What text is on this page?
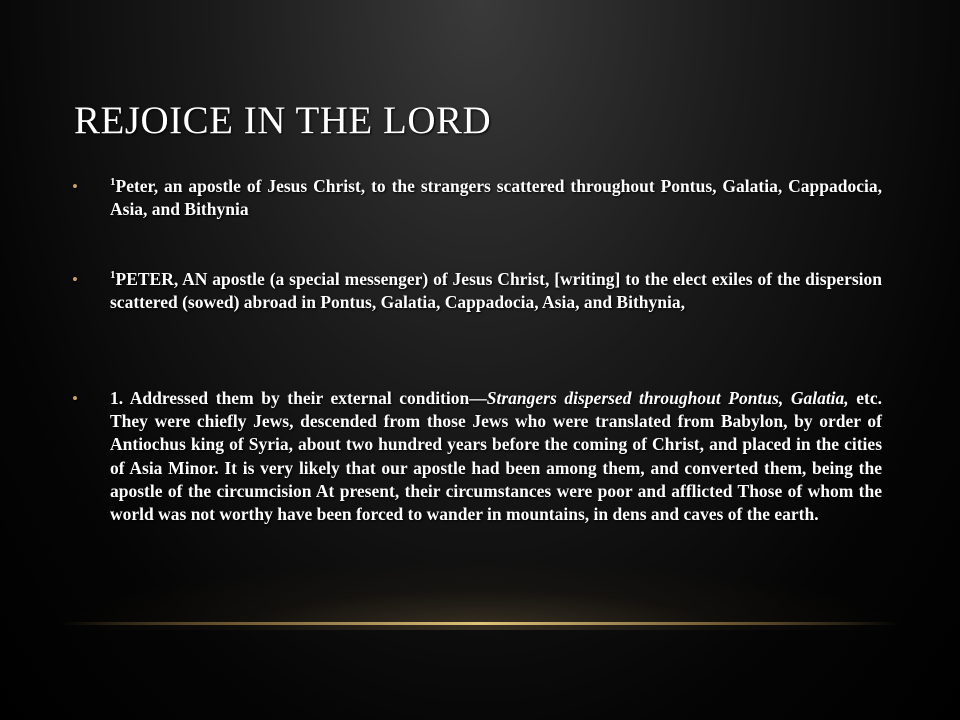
REJOICE IN THE LORD
•	$^1$Peter, an apostle of Jesus Christ, to the strangers scattered throughout Pontus, Galatia, Cappadocia, Asia, and Bithynia
•	$^1$PETER, AN apostle (a special messenger) of Jesus Christ, [writing] to the elect exiles of the dispersion scattered (sowed) abroad in Pontus, Galatia, Cappadocia, Asia, and Bithynia,
• 1. Addressed them by their external condition—Strangers dispersed throughout Pontus, Galatia, etc. They were chiefly Jews, descended from those Jews who were translated from Babylon, by order of Antiochus king of Syria, about two hundred years before the coming of Christ, and placed in the cities of Asia Minor. It is very likely that our apostle had been among them, and converted them, being the apostle of the circumcision At present, their circumstances were poor and afflicted Those of whom the world was not worthy have been forced to wander in mountains, in dens and caves of the earth.
